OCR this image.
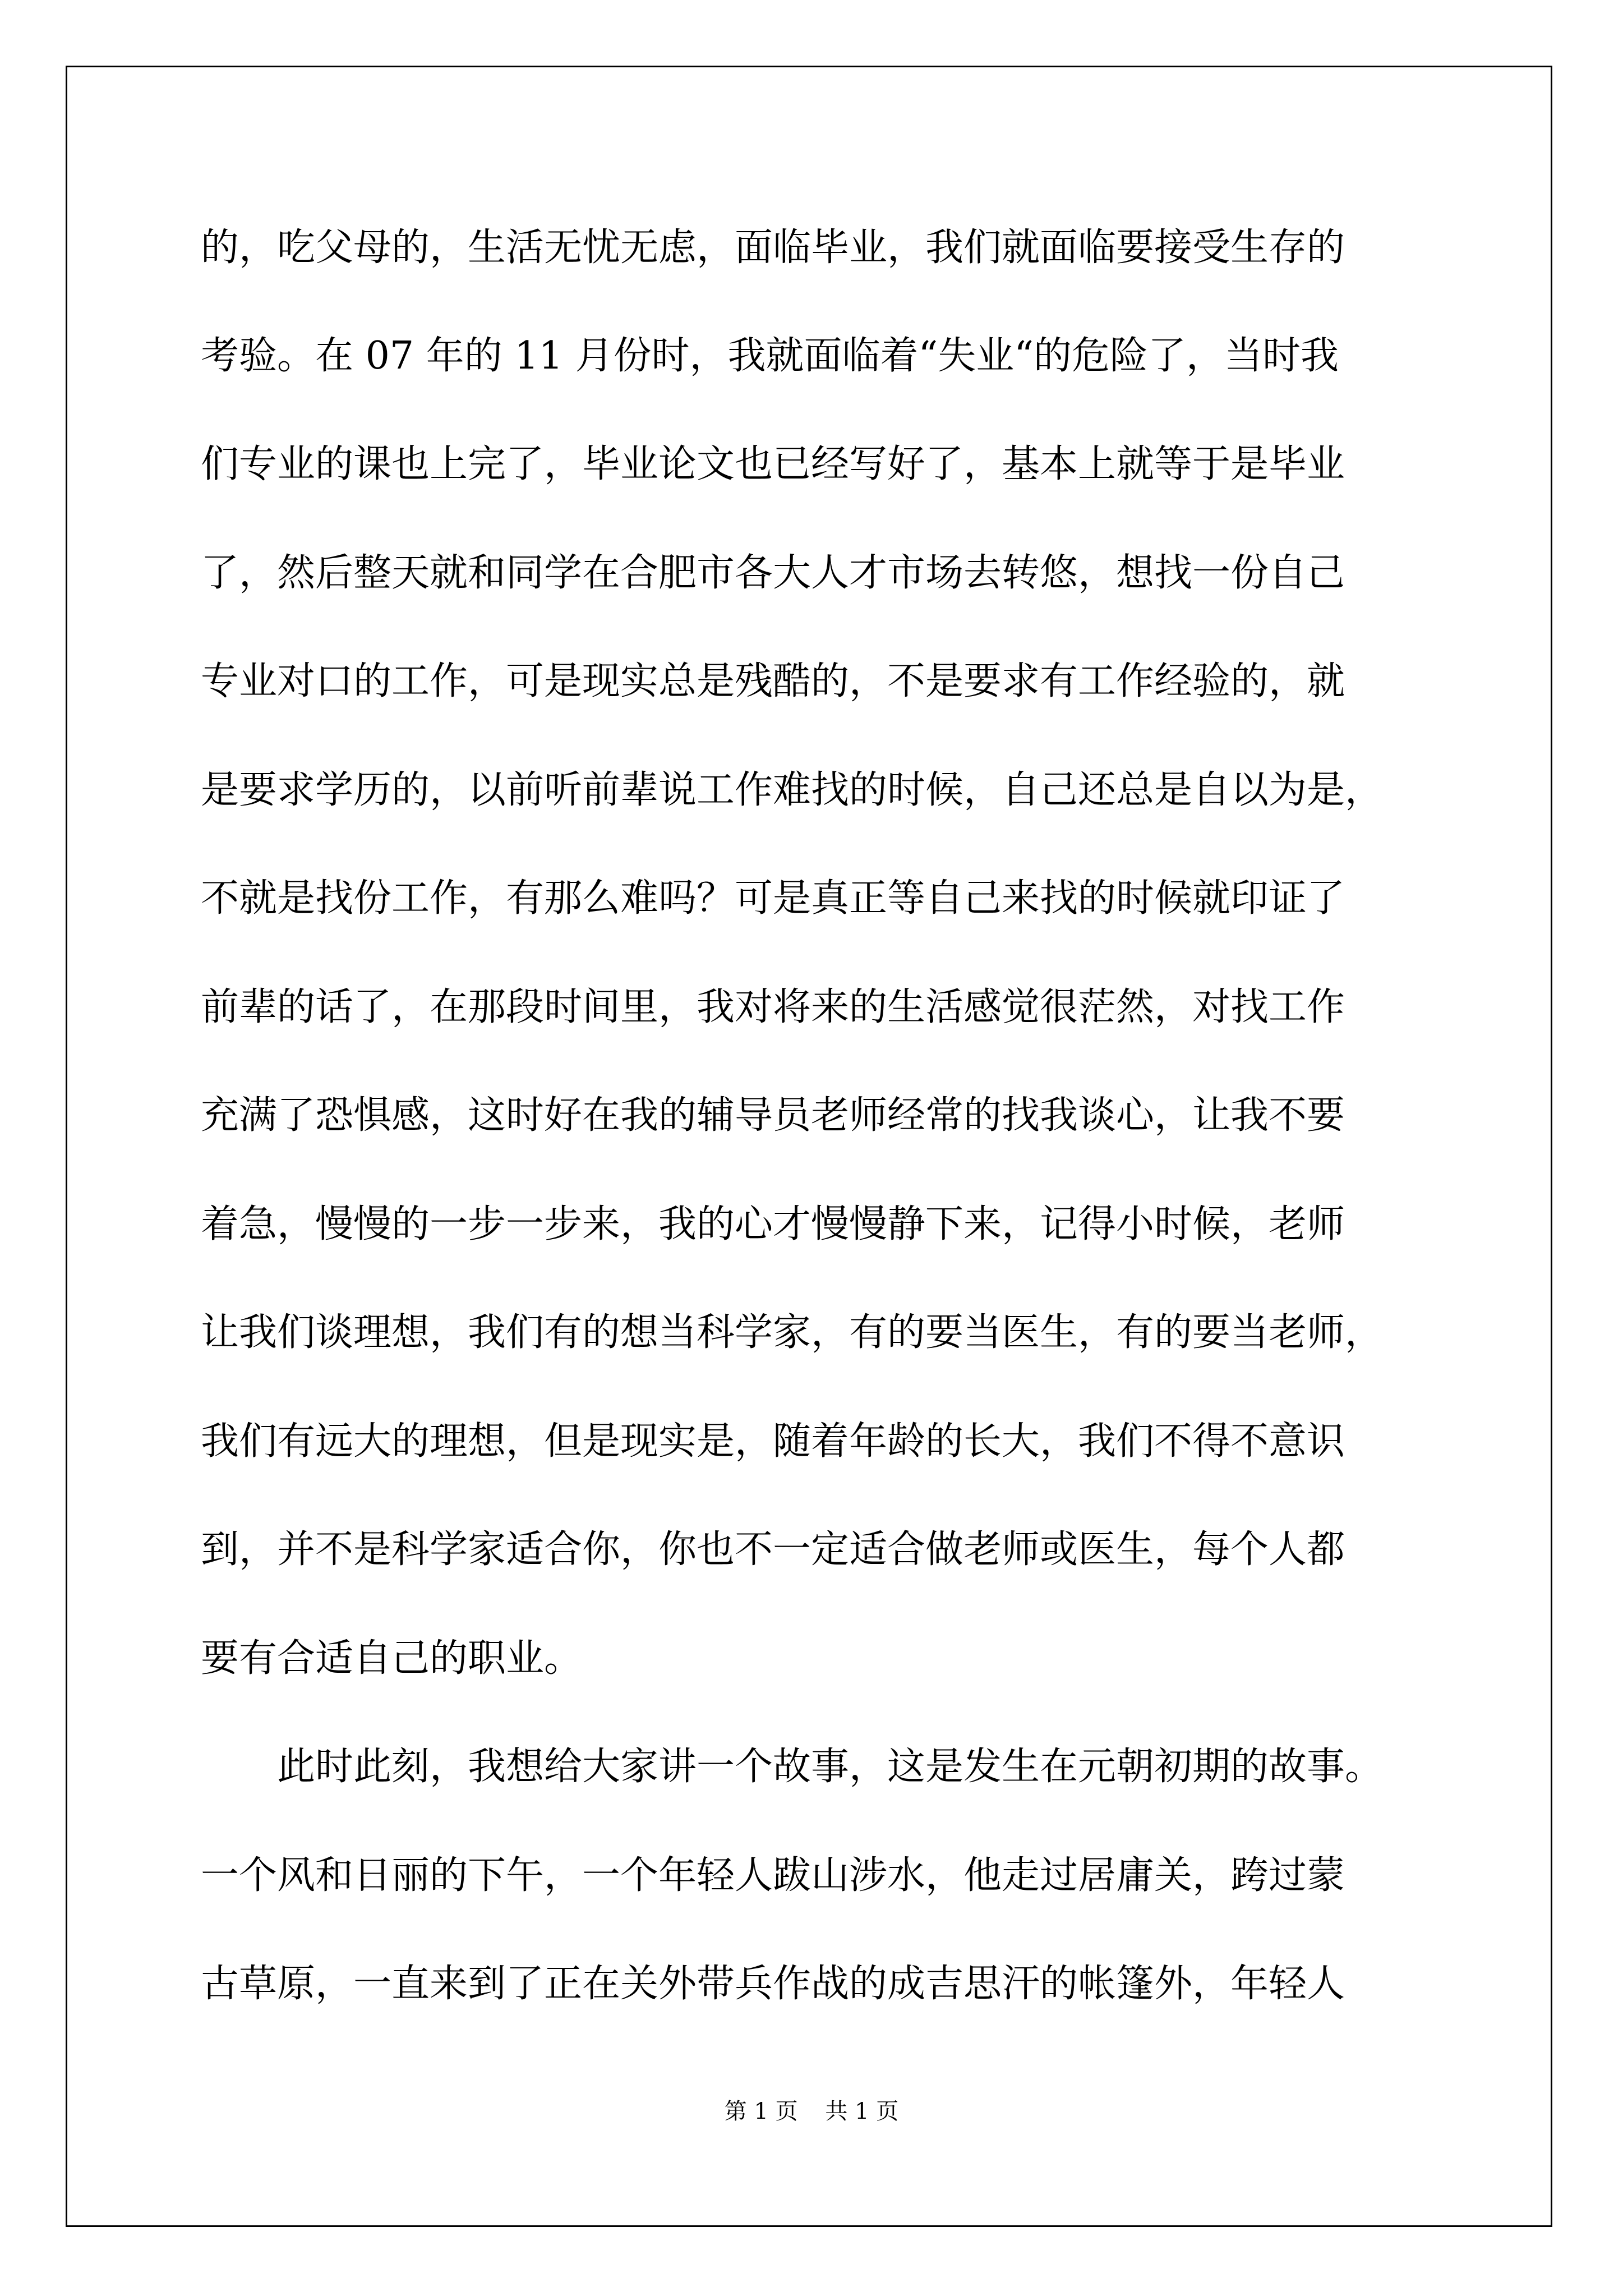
的，吃父母的，生活无忧无虑，面临毕业，我们就面临要接受生存的
考验。在 07 年的 11 月份时，我就面临着“失业“的危险了，当时我
们专业的课也上完了，毕业论文也已经写好了，基本上就等于是毕业
了，然后整天就和同学在合肥市各大人才市场去转悠，想找一份自己
专业对口的工作，可是现实总是残酷的，不是要求有工作经验的，就
是要求学历的，以前听前辈说工作难找的时候，自己还总是自以为是，
不就是找份工作，有那么难吗？可是真正等自己来找的时候就印证了
前辈的话了，在那段时间里，我对将来的生活感觉很茫然，对找工作
充满了恐惧感，这时好在我的辅导员老师经常的找我谈心，让我不要
着急，慢慢的一步一步来，我的心才慢慢静下来，记得小时候，老师
让我们谈理想，我们有的想当科学家，有的要当医生，有的要当老师，
我们有远大的理想，但是现实是，随着年龄的长大，我们不得不意识
到，并不是科学家适合你，你也不一定适合做老师或医生，每个人都
要有合适自己的职业。
　　此时此刻，我想给大家讲一个故事，这是发生在元朝初期的故事。
一个风和日丽的下午，一个年轻人跋山涉水，他走过居庸关，跨过蒙
古草原，一直来到了正在关外带兵作战的成吉思汗的帐篷外，年轻人
第 1 页 共 1 页
